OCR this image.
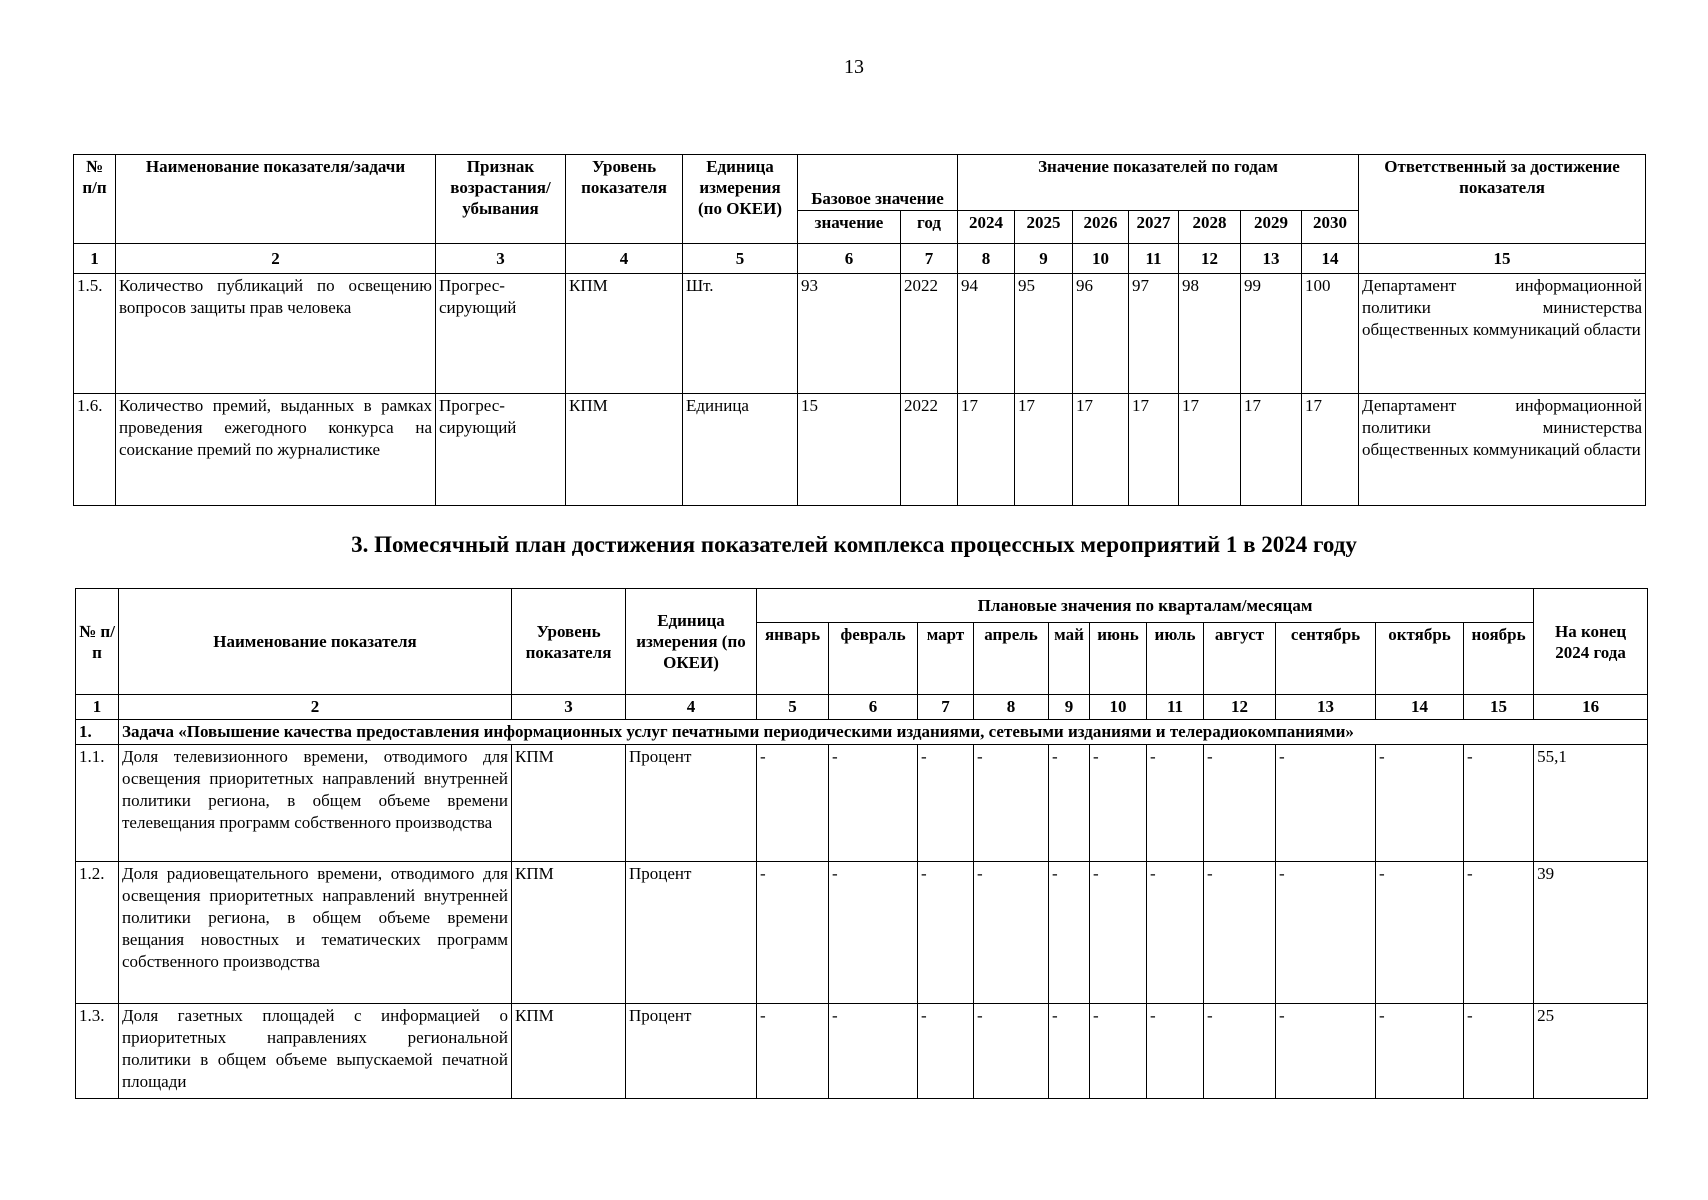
13
№ п/п	Наименование показателя/задачи	Признак возрастания/ убывания	Уровень показателя	Единица измерения (по ОКЕИ)	Базовое значение		Значение показателей по годам							Ответственный за достижение показателя
					значение	год	2024	2025	2026	2027	2028	2029	2030	
1	2	3	4	5	6	7	8	9	10	11	12	13	14	15
1.5.	Количество публикаций по освещению вопросов защиты прав человека	Прогрес-сирующий	КПМ	Шт.	93	2022	94	95	96	97	98	99	100	Департамент информационной политики министерства общественных коммуникаций области
1.6.	Количество премий, выданных в рамках проведения ежегодного конкурса на соискание премий по журналистике	Прогрес-сирующий	КПМ	Единица	15	2022	17	17	17	17	17	17	17	Департамент информационной политики министерства общественных коммуникаций области
3. Помесячный план достижения показателей комплекса процессных мероприятий 1 в 2024 году
№ п/п	Наименование показателя	Уровень показателя	Единица измерения (по ОКЕИ)	Плановые значения по кварталам/месяцам											На конец 2024 года
				январь	февраль	март	апрель	май	июнь	июль	август	сентябрь	октябрь	ноябрь	
1	2	3	4	5	6	7	8	9	10	11	12	13	14	15	16
1.	Задача «Повышение качества предоставления информационных услуг печатными периодическими изданиями, сетевыми изданиями и телерадиокомпаниями»														
1.1.	Доля телевизионного времени, отводимого для освещения приоритетных направлений внутренней политики региона, в общем объеме времени телевещания программ собственного производства	КПМ	Процент	-	-	-	-	-	-	-	-	-	-	-	55,1
1.2.	Доля радиовещательного времени, отводимого для освещения приоритетных направлений внутренней политики региона, в общем объеме времени вещания новостных и тематических программ собственного производства	КПМ	Процент	-	-	-	-	-	-	-	-	-	-	-	39
1.3.	Доля газетных площадей с информацией о приоритетных направлениях региональной политики в общем объеме выпускаемой печатной площади	КПМ	Процент	-	-	-	-	-	-	-	-	-	-	-	25
